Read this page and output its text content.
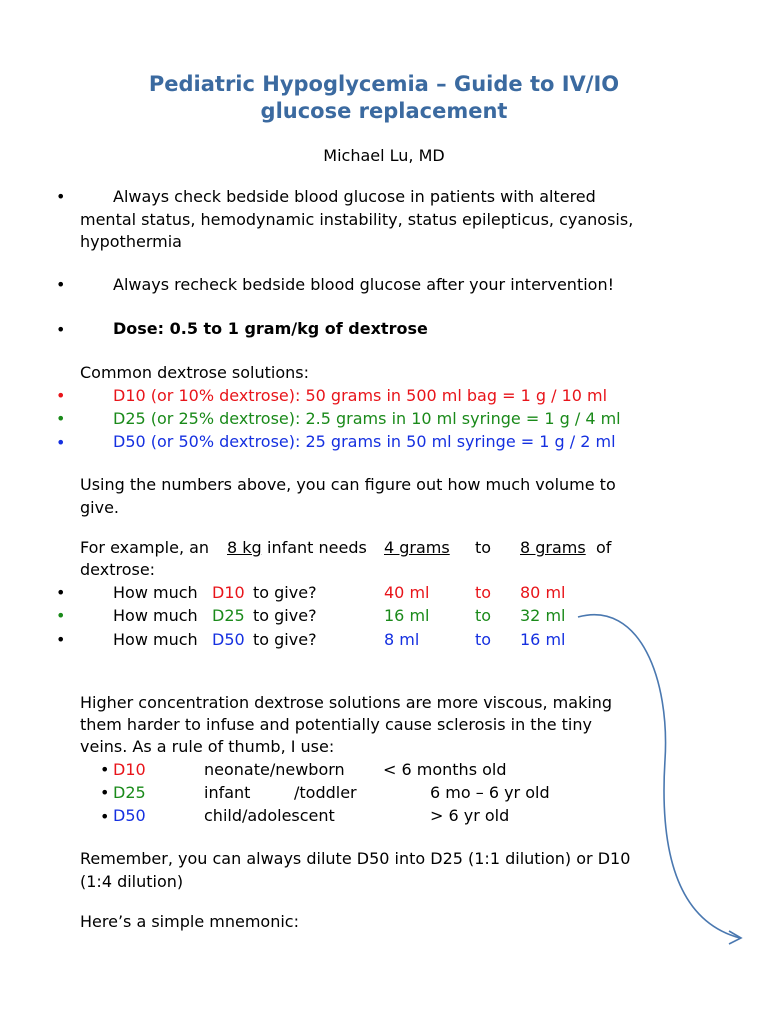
Pediatric Hypoglycemia – Guide to IV/IO
glucose replacement
Michael Lu, MD
•	Always check bedside blood glucose in patients with altered
mental status, hemodynamic instability, status epilepticus, cyanosis,
hypothermia
•	Always recheck bedside blood glucose after your intervention!
•	Dose: 0.5 to 1 gram/kg of dextrose
Common dextrose solutions:
•	D10 (or 10% dextrose): 50 grams in 500 ml bag = 1 g / 10 ml
•	D25 (or 25% dextrose): 2.5 grams in 10 ml syringe = 1 g / 4 ml
•	D50 (or 50% dextrose): 25 grams in 50 ml syringe = 1 g / 2 ml
Using the numbers above, you can figure out how much volume to
give.
For example, an 8 kg infant needs 4 grams to 8 grams of
dextrose:
•	How much D10 to give?	40 ml	to 80 ml
•	How much D25 to give?	16 ml	to 32 ml
•	How much D50 to give?	8 ml	to 16 ml
Higher concentration dextrose solutions are more viscous, making
them harder to infuse and potentially cause sclerosis in the tiny
veins. As a rule of thumb, I use:
• D10	neonate/newborn < 6 months old
• D25	infant	/toddler	6 mo – 6 yr old
• D50	child/adolescent	> 6 yr old
Remember, you can always dilute D50 into D25 (1:1 dilution) or D10
(1:4 dilution)
Here’s a simple mnemonic:
